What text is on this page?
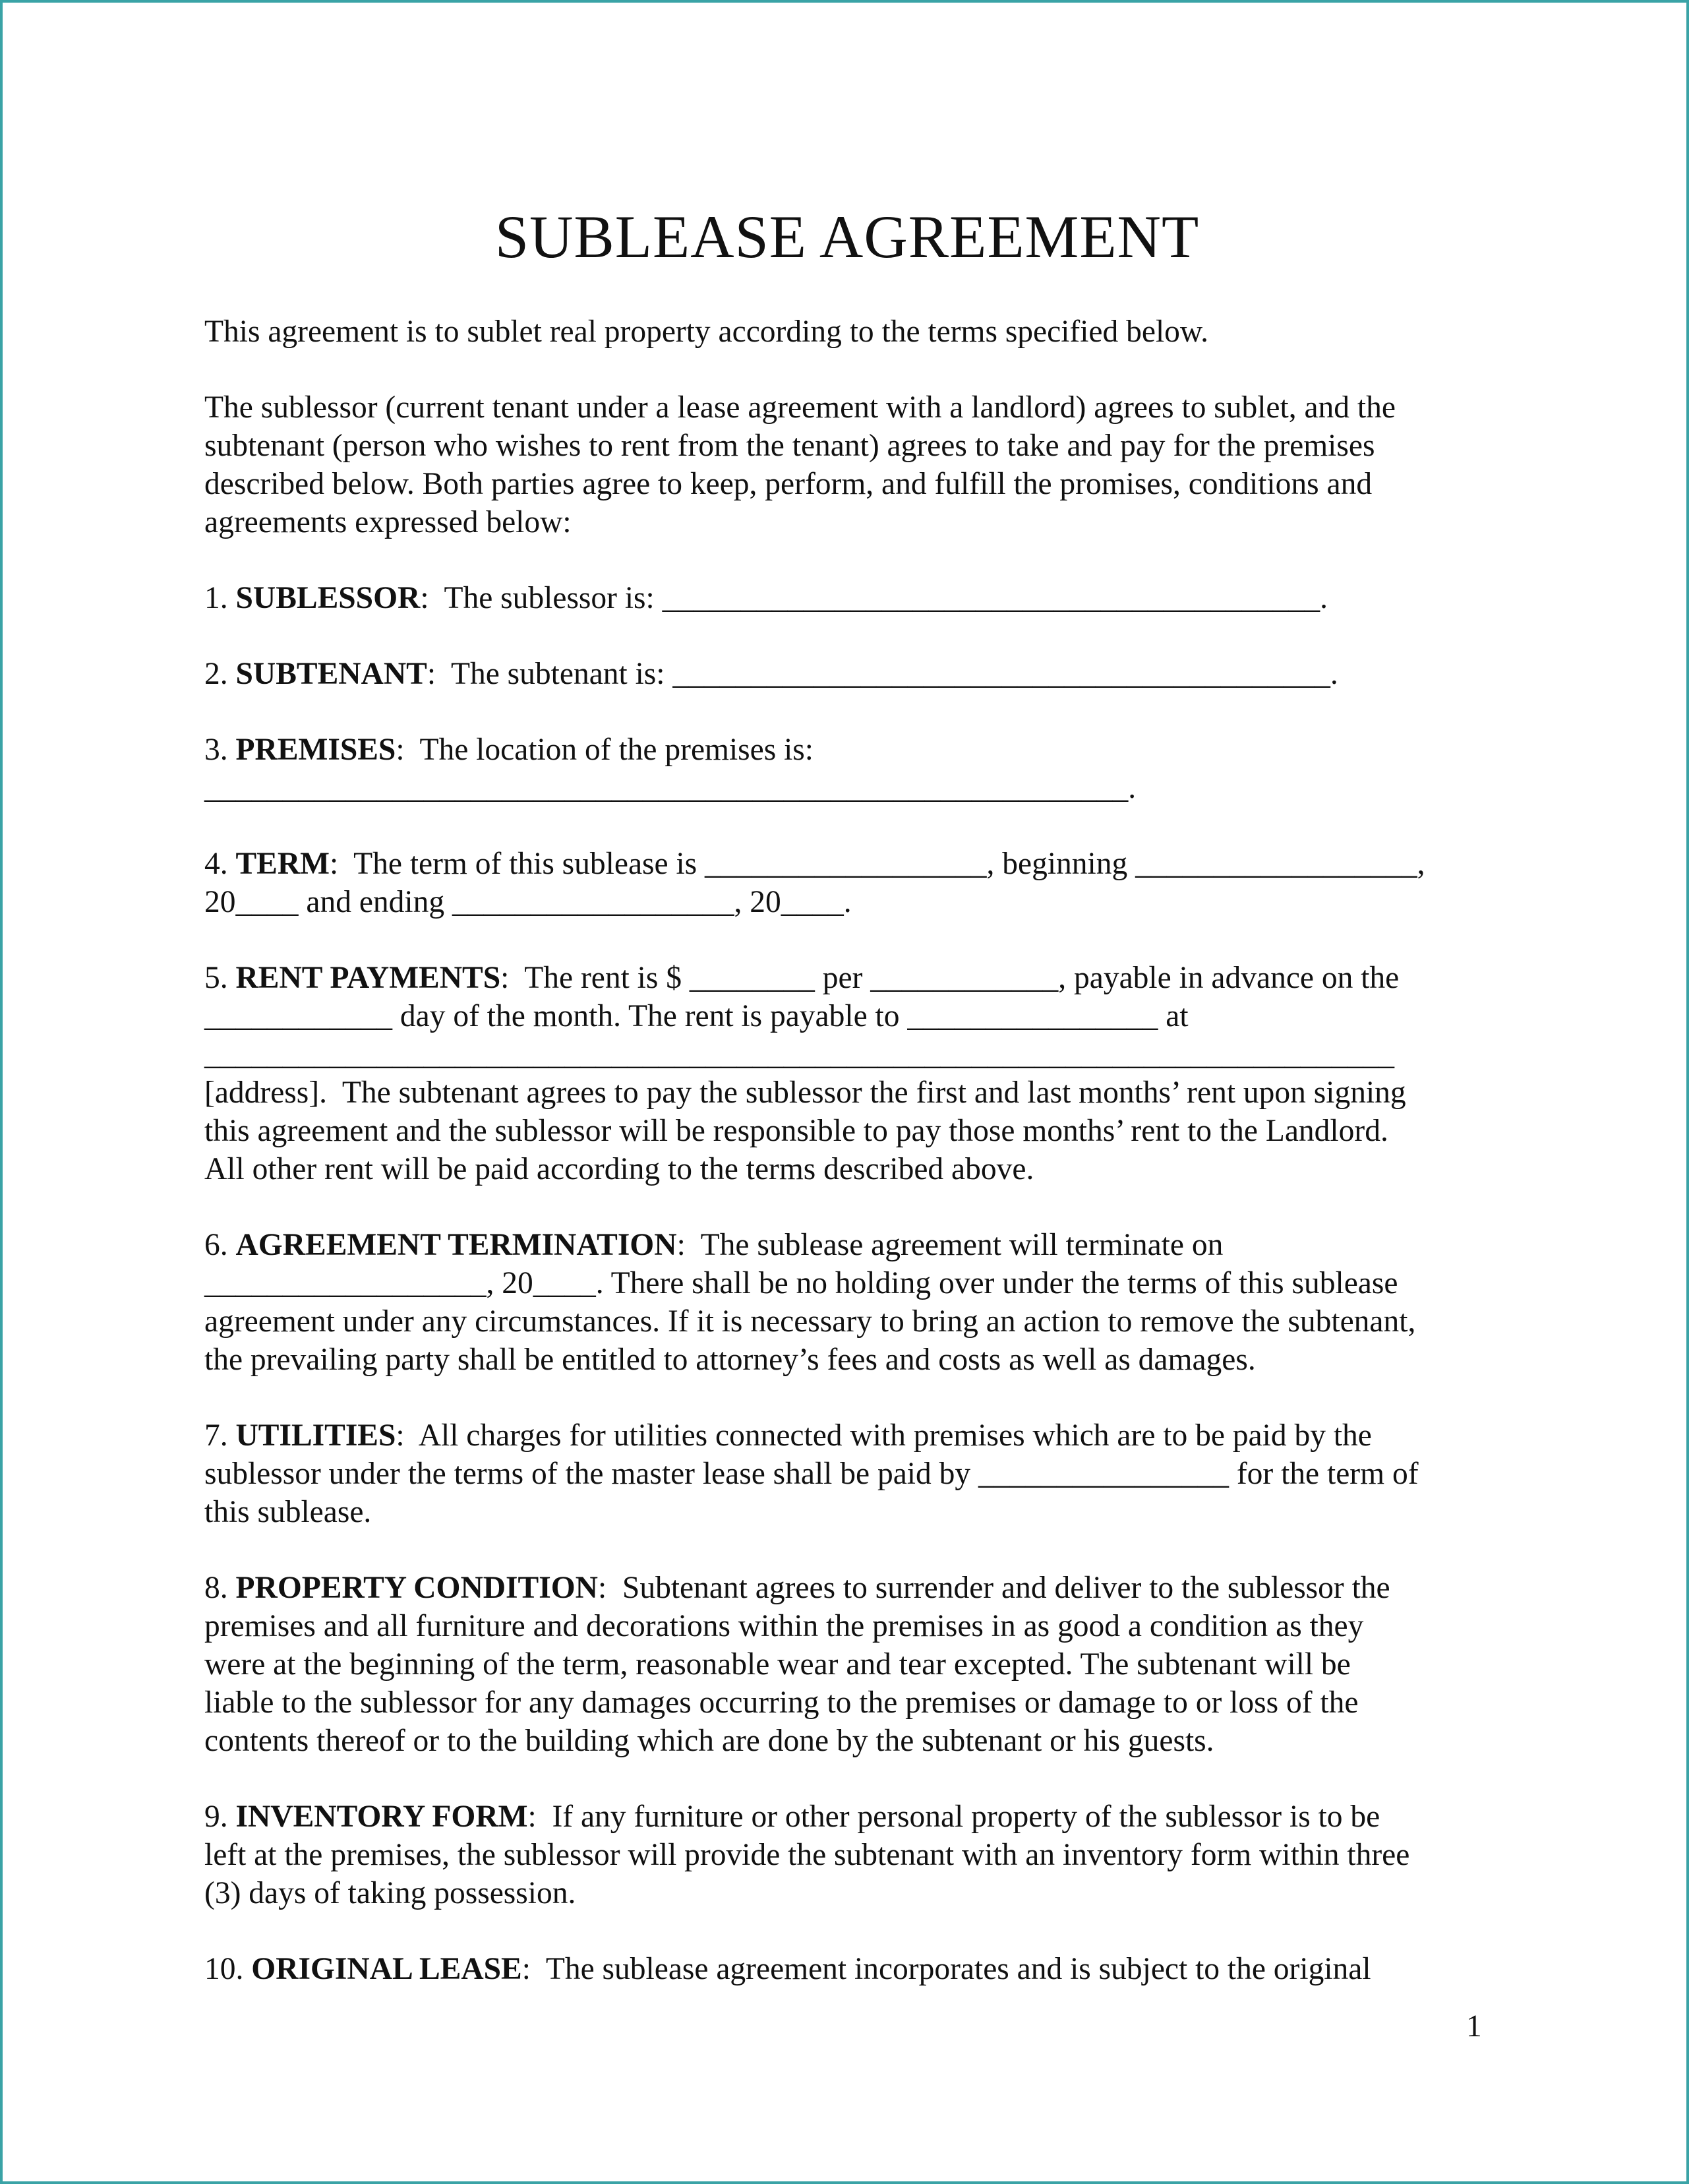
SUBLEASE AGREEMENT
This agreement is to sublet real property according to the terms specified below.
The sublessor (current tenant under a lease agreement with a landlord) agrees to sublet, and the
subtenant (person who wishes to rent from the tenant) agrees to take and pay for the premises
described below. Both parties agree to keep, perform, and fulfill the promises, conditions and
agreements expressed below:
1. SUBLESSOR:  The sublessor is: __________________________________________.
2. SUBTENANT:  The subtenant is: __________________________________________.
3. PREMISES:  The location of the premises is:
___________________________________________________________.
4. TERM:  The term of this sublease is __________________, beginning __________________,
20____ and ending __________________, 20____.
5. RENT PAYMENTS:  The rent is $ ________ per ____________, payable in advance on the
____________ day of the month. The rent is payable to ________________ at
____________________________________________________________________________
[address].  The subtenant agrees to pay the sublessor the first and last months’ rent upon signing
this agreement and the sublessor will be responsible to pay those months’ rent to the Landlord.
All other rent will be paid according to the terms described above.
6. AGREEMENT TERMINATION:  The sublease agreement will terminate on
__________________, 20____. There shall be no holding over under the terms of this sublease
agreement under any circumstances. If it is necessary to bring an action to remove the subtenant,
the prevailing party shall be entitled to attorney’s fees and costs as well as damages.
7. UTILITIES:  All charges for utilities connected with premises which are to be paid by the
sublessor under the terms of the master lease shall be paid by ________________ for the term of
this sublease.
8. PROPERTY CONDITION:  Subtenant agrees to surrender and deliver to the sublessor the
premises and all furniture and decorations within the premises in as good a condition as they
were at the beginning of the term, reasonable wear and tear excepted. The subtenant will be
liable to the sublessor for any damages occurring to the premises or damage to or loss of the
contents thereof or to the building which are done by the subtenant or his guests.
9. INVENTORY FORM:  If any furniture or other personal property of the sublessor is to be
left at the premises, the sublessor will provide the subtenant with an inventory form within three
(3) days of taking possession.
10. ORIGINAL LEASE:  The sublease agreement incorporates and is subject to the original
1
